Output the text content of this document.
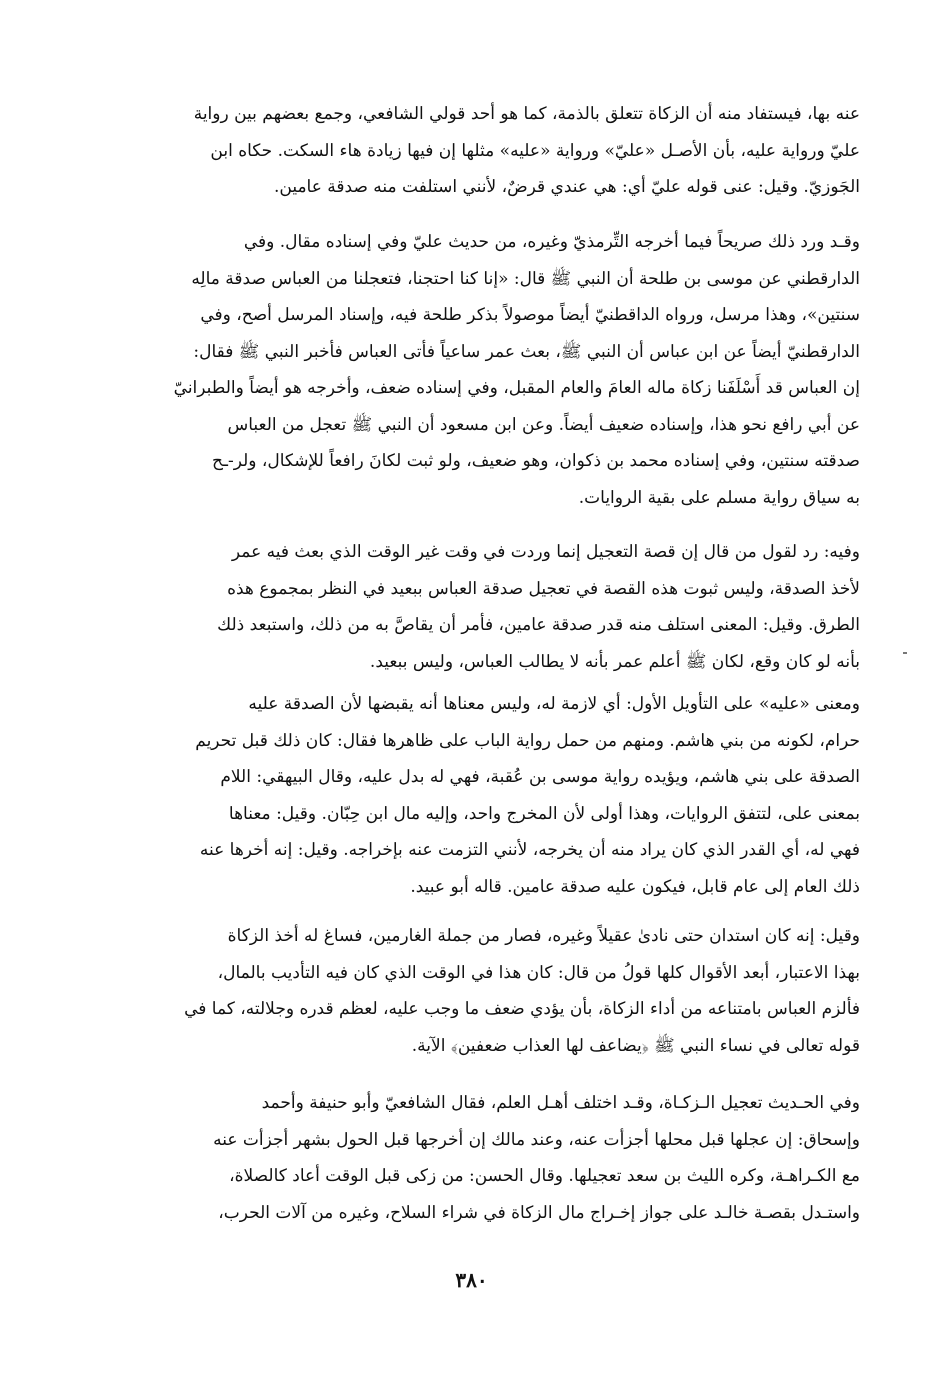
عنه بها، فيستفاد منه أن الزكاة تتعلق بالذمة، كما هو أحد قولي الشافعي، وجمع بعضهم بين رواية
عليّ ورواية عليه، بأن الأصـل «عليّ» ورواية «عليه» مثلها إن فيها زيادة هاء السكت. حكاه ابن
الجَوزيّ. وقيل: عنى قوله عليّ أي: هي عندي قرضٌ، لأنني استلفت منه صدقة عامين.
وقـد ورد ذلك صريحاً فيما أخرجه التِّرمذيّ وغيره، من حديث عليّ وفي إسناده مقال. وفي
الدارقطني عن موسى بن طلحة أن النبي ﷺ قال: «إنا كنا احتجنا، فتعجلنا من العباس صدقة مالِه
سنتين»، وهذا مرسل، ورواه الداقطنيّ أيضاً موصولاً بذكر طلحة فيه، وإسناد المرسل أصح، وفي
الدارقطنيّ أيضاً عن ابن عباس أن النبي ﷺ، بعث عمر ساعياً فأتى العباس فأخبر النبي ﷺ فقال:
إن العباس قد أَسْلَفَنا زكاة ماله العامَ والعام المقبل، وفي إسناده ضعف، وأخرجه هو أيضاً والطبرانيّ
عن أبي رافع نحو هذا، وإسناده ضعيف أيضاً. وعن ابن مسعود أن النبي ﷺ تعجل من العباس
صدقته سنتين، وفي إسناده محمد بن ذكوان، وهو ضعيف، ولو ثبت لكانَ رافعاً للإشكال، ولر-ـح
به سياق رواية مسلم على بقية الروايات.
وفيه: رد لقول من قال إن قصة التعجيل إنما وردت في وقت غير الوقت الذي بعث فيه عمر
لأخذ الصدقة، وليس ثبوت هذه القصة في تعجيل صدقة العباس ببعيد في النظر بمجموع هذه
الطرق. وقيل: المعنى استلف منه قدر صدقة عامين، فأمر أن يقاصَّ به من ذلك، واستبعد ذلك
بأنه لو كان وقع، لكان ﷺ أعلم عمر بأنه لا يطالب العباس، وليس ببعيد.
ومعنى «عليه» على التأويل الأول: أي لازمة له، وليس معناها أنه يقبضها لأن الصدقة عليه
حرام، لكونه من بني هاشم. ومنهم من حمل رواية الباب على ظاهرها فقال: كان ذلك قبل تحريم
الصدقة على بني هاشم، ويؤيده رواية موسى بن عُقبة، فهي له بدل عليه، وقال البيهقي: اللام
بمعنى على، لتتفق الروايات، وهذا أولى لأن المخرج واحد، وإليه مال ابن حِبّان. وقيل: معناها
فهي له، أي القدر الذي كان يراد منه أن يخرجه، لأنني التزمت عنه بإخراجه. وقيل: إنه أخرها عنه
ذلك العام إلى عام قابل، فيكون عليه صدقة عامين. قاله أبو عبيد.
وقيل: إنه كان استدان حتى نادىٰ عقيلاً وغيره، فصار من جملة الغارمين، فساغ له أخذ الزكاة
بهذا الاعتبار، أبعد الأقوال كلها قولُ من قال: كان هذا في الوقت الذي كان فيه التأديب بالمال،
فألزم العباس بامتناعه من أداء الزكاة، بأن يؤدي ضعف ما وجب عليه، لعظم قدره وجلالته، كما في
قوله تعالى في نساء النبي ﷺ ﴿يضاعف لها العذاب ضعفين﴾ الآية.
وفي الحـديث تعجيل الـزكـاة، وقـد اختلف أهـل العلم، فقال الشافعيّ وأبو حنيفة وأحمد
وإسحاق: إن عجلها قبل محلها أجزأت عنه، وعند مالك إن أخرجها قبل الحول بشهر أجزأت عنه
مع الكـراهـة، وكره الليث بن سعد تعجيلها. وقال الحسن: من زكى قبل الوقت أعاد كالصلاة،
واستـدل بقصـة خالـد على جواز إخـراج مال الزكاة في شراء السلاح، وغيره من آلات الحرب،
٣٨٠
